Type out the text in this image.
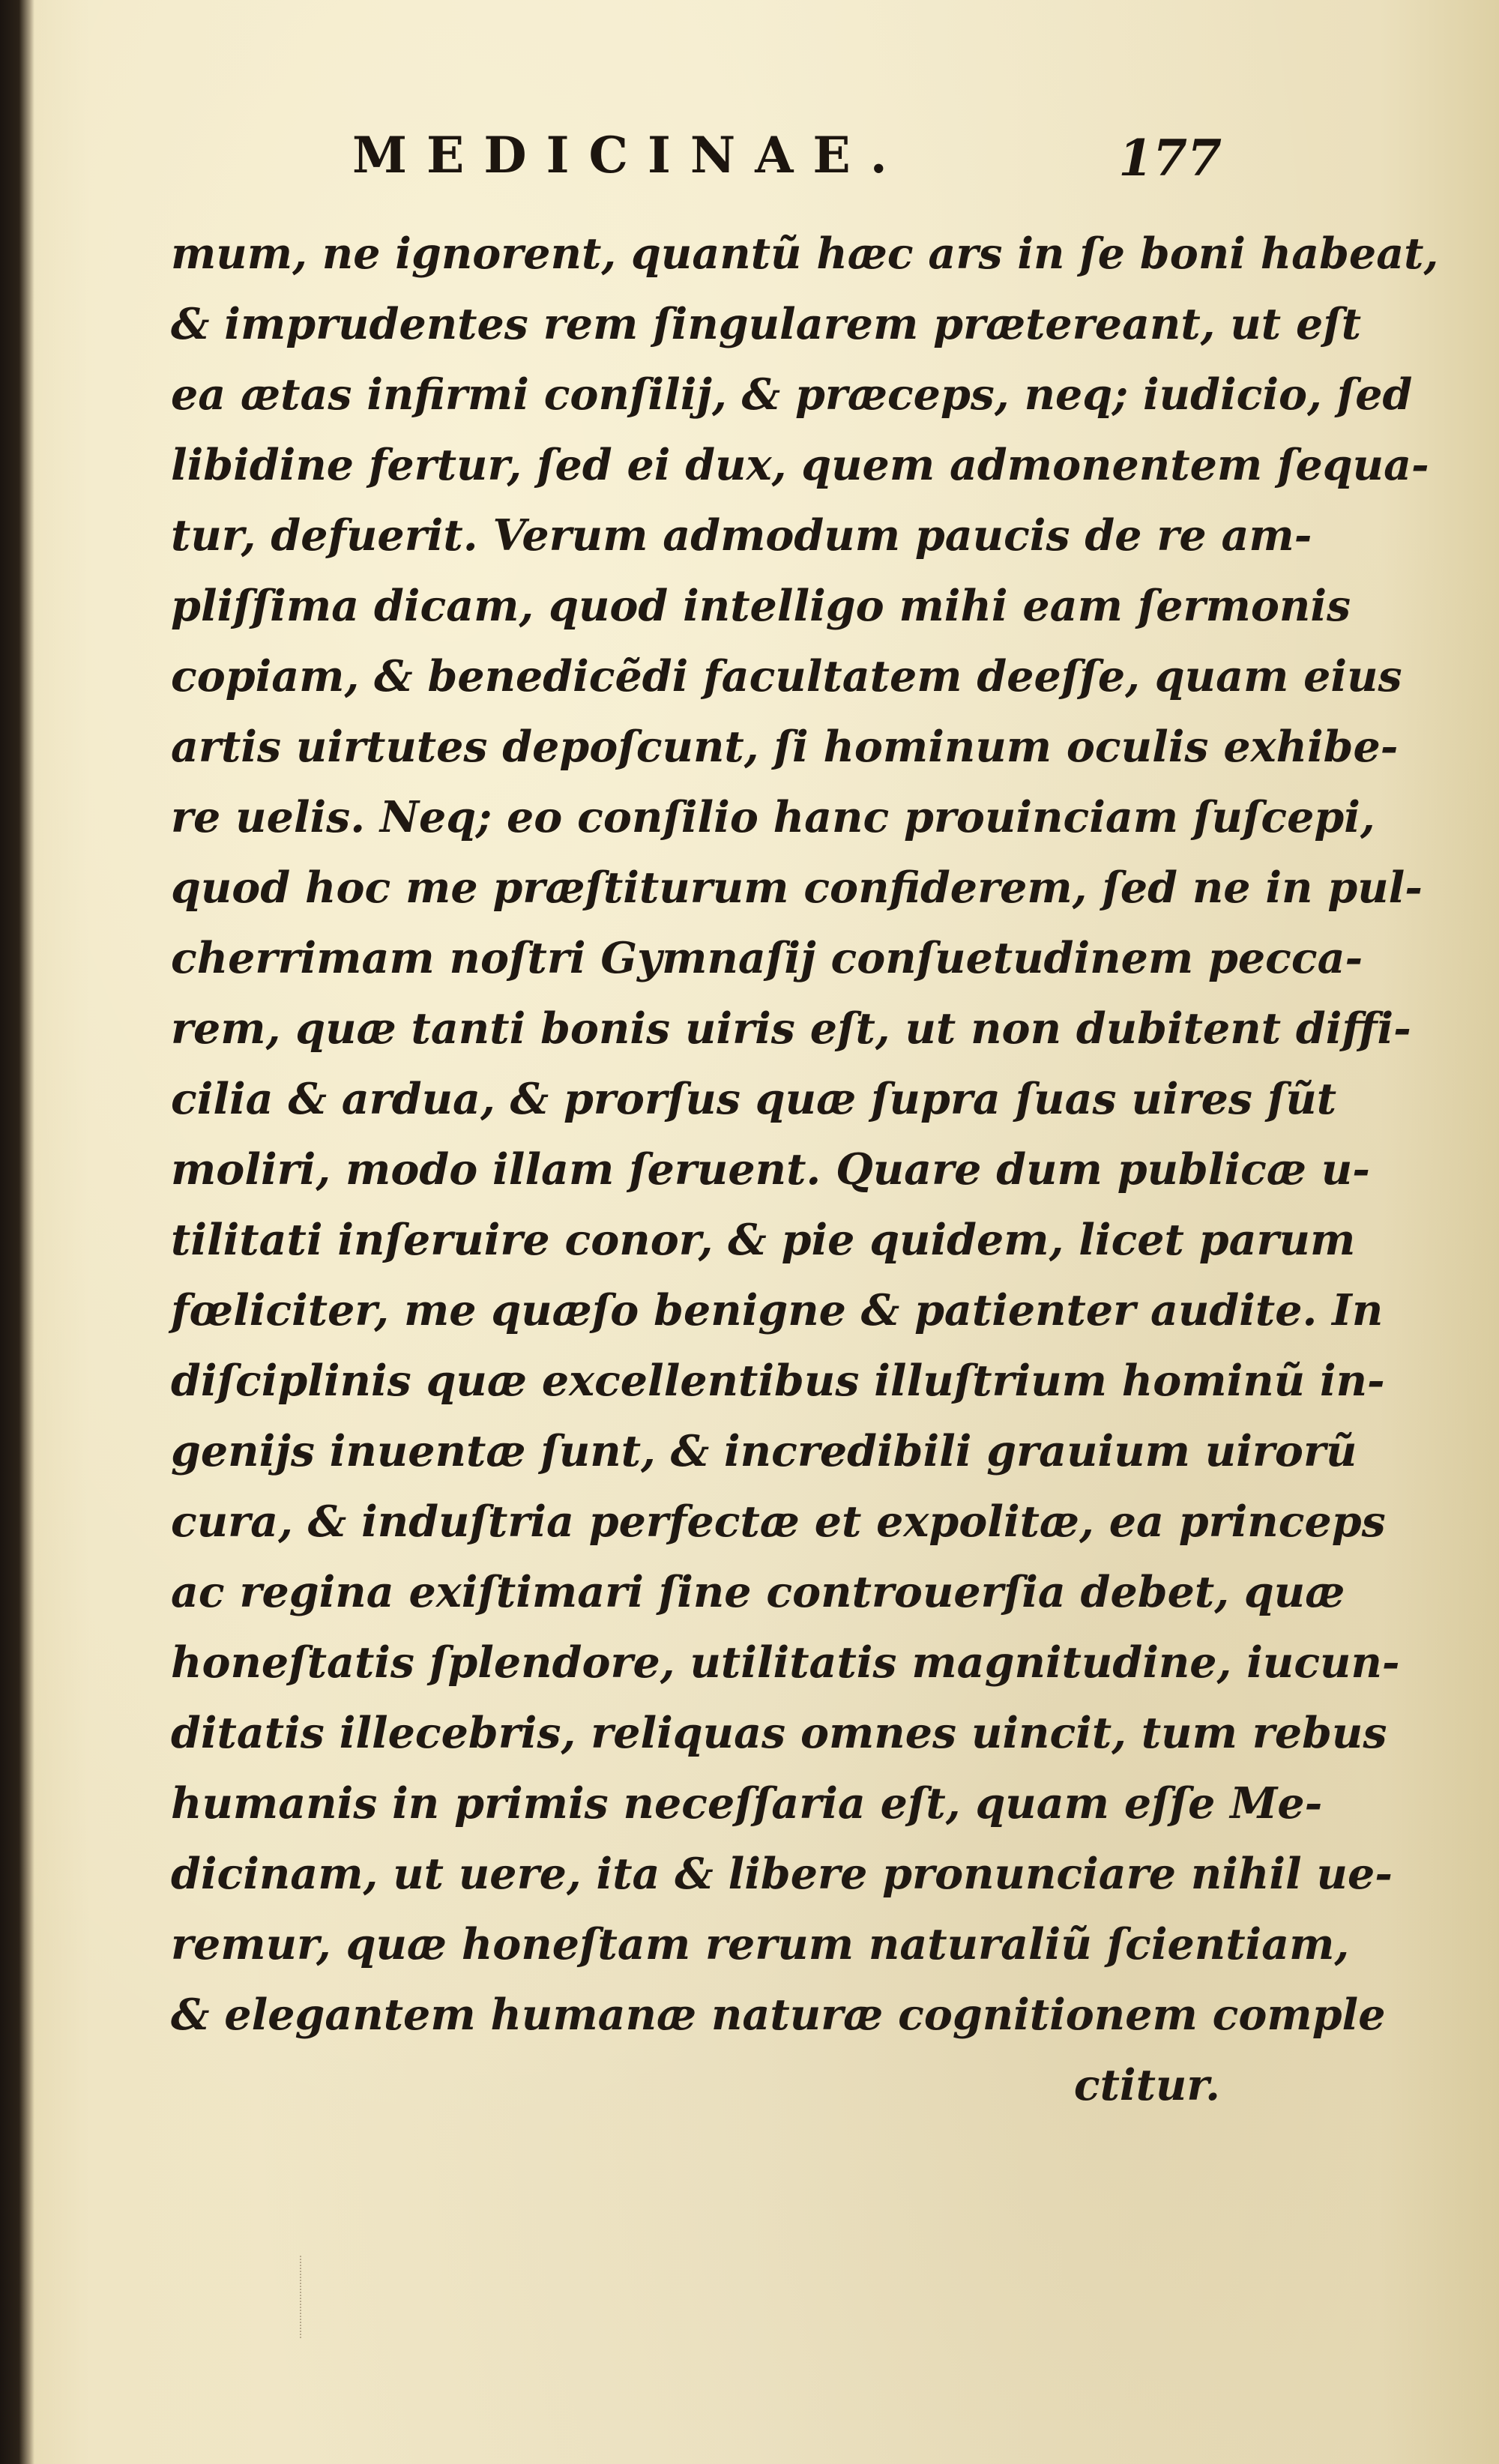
MEDICINAE.	177
mum, ne ignorent, quantũ hæc ars in ſe boni habeat,
& imprudentes rem ſingularem prætereant, ut eſt
ea ætas infirmi conſilij, & præceps, neq; iudicio, ſed
libidine fertur, ſed ei dux, quem admonentem ſequa-
tur, defuerit. Verum admodum paucis de re am-
pliſſima dicam, quod intelligo mihi eam ſermonis
copiam, & benedicẽdi facultatem deeſſe, quam eius
artis uirtutes depoſcunt, ſi hominum oculis exhibe-
re uelis. Neq; eo conſilio hanc prouinciam ſuſcepi,
quod hoc me præſtiturum confiderem, ſed ne in pul-
cherrimam noſtri Gymnaſij conſuetudinem pecca-
rem, quæ tanti bonis uiris eſt, ut non dubitent diffi-
cilia & ardua, & prorſus quæ ſupra ſuas uires ſũt
moliri, modo illam ſeruent. Quare dum publicæ u-
tilitati inſeruire conor, & pie quidem, licet parum
fœliciter, me quæſo benigne & patienter audite. In
diſciplinis quæ excellentibus illuſtrium hominũ in-
genijs inuentæ ſunt, & incredibili grauium uirorũ
cura, & induſtria perfectæ et expolitæ, ea princeps
ac regina exiſtimari ſine controuerſia debet, quæ
honeſtatis ſplendore, utilitatis magnitudine, iucun-
ditatis illecebris, reliquas omnes uincit, tum rebus
humanis in primis neceſſaria eſt, quam eſſe Me-
dicinam, ut uere, ita & libere pronunciare nihil ue-
remur, quæ honeſtam rerum naturaliũ ſcientiam,
& elegantem humanæ naturæ cognitionem comple
ctitur.
